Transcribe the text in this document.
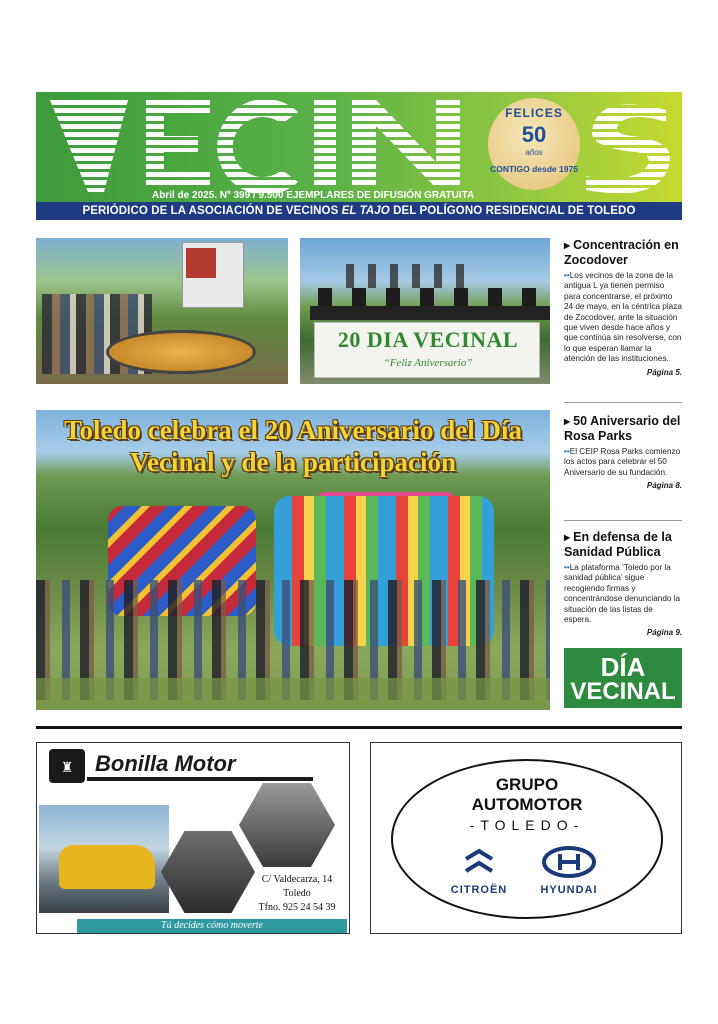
FELICES
50
años
CONTIGO desde 1975
Abril de 2025. Nº 399 / 9.500 EJEMPLARES DE DIFUSIÓN GRATUITA
PERIÓDICO DE LA ASOCIACIÓN DE VECINOS EL TAJO DEL POLÍGONO RESIDENCIAL DE TOLEDO
20 DIA VECINAL
“Feliz Aniversario”
▶ Concentración en Zocodover

••Los vecinos de la zona de la antigua L ya tienen permiso para concentrarse, el próximo 24 de mayo, en la céntrica plaza de Zocodover, ante la situación que viven desde hace años y que continúa sin resolverse, con lo que esperan llamar la atención de las instituciones.

Página 5.
▶ 50 Aniversario del Rosa Parks

••El CEIP Rosa Parks comienzo los actos para celebrar el 50 Aniversario de su fundación.

Página 8.
▶ En defensa de la Sanidad Pública

••La plataforma ‘Toledo por la sanidad pública’ sigue recogiendo firmas y concentrándose denunciando la situación de las listas de espera.

Página 9.
DÍA
VECINAL
Toledo celebra el 20 Aniversario del Día Vecinal y de la participación
♜ Bonilla Motor
C/ Valdecarza, 14
Toledo
Tfno. 925 24 54 39
Tú decides cómo moverte
GRUPO
AUTOMOTOR
-TOLEDO-
CITROËN	HYUNDAI
